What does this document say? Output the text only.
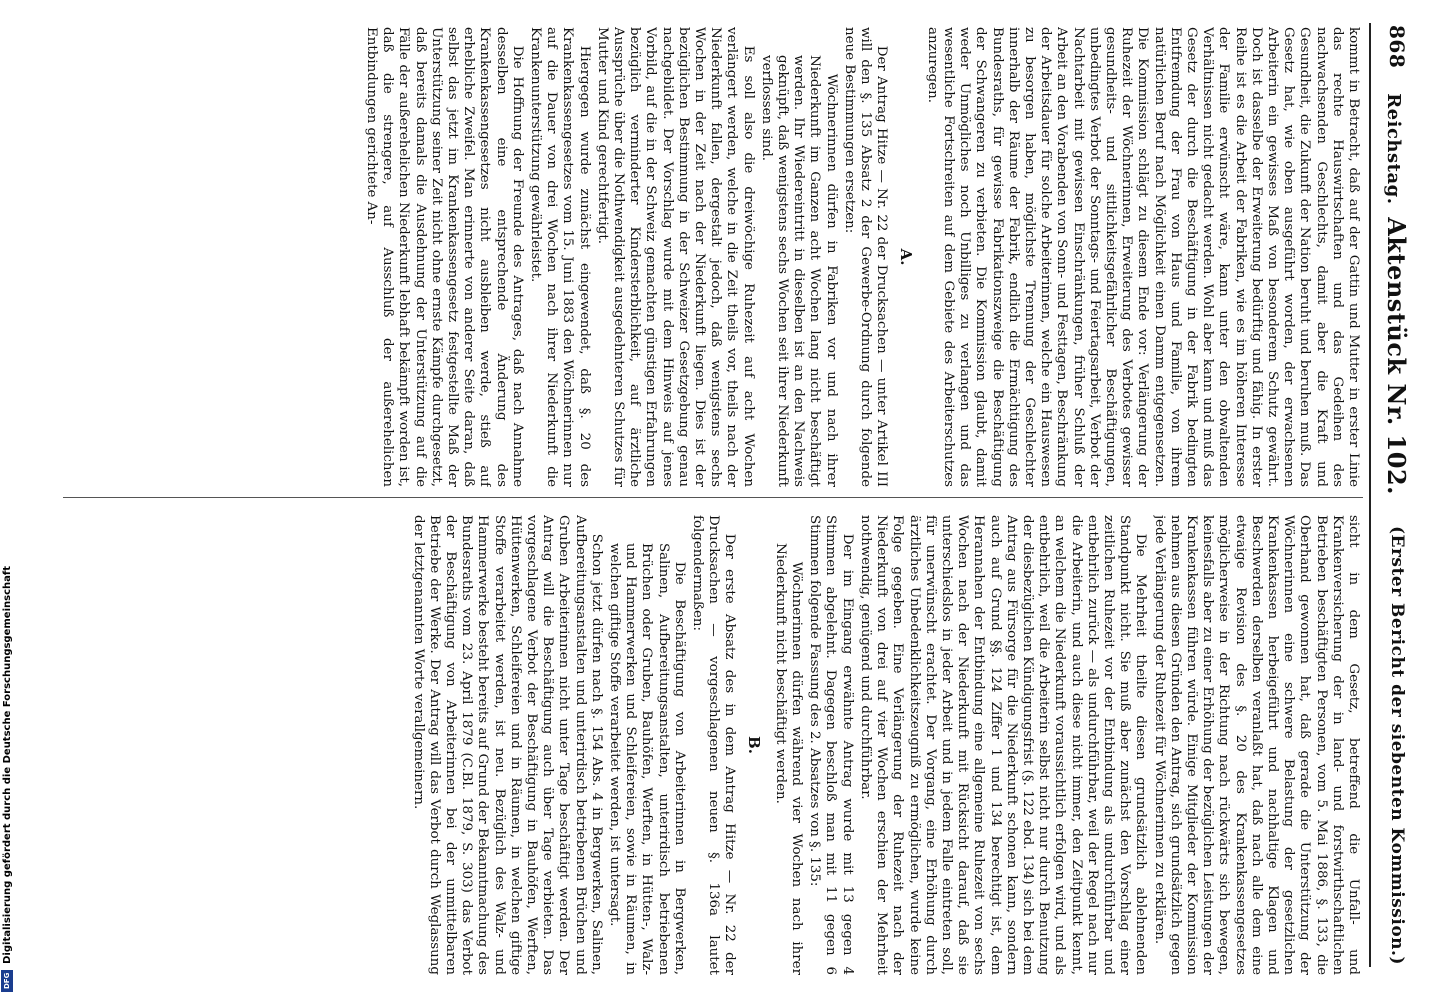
868
Reichstag. Aktenstück Nr. 102.
(Erster Bericht der siebenten Kommission.)

kommt in Betracht, daß auf der Gattin und Mutter in erster Linie das rechte Hauswirtschaften und das Gedeihen des nachwachsenden Geschlechts, damit aber die Kraft und Gesundheit, die Zukunft der Nation beruht und beruhen muß. Das Gesetz hat, wie oben ausgeführt worden, der erwachsenen Arbeiterin ein gewisses Maß von besonderem Schutz gewährt. Doch ist dasselbe der Erweiterung bedürftig und fähig. In erster Reihe ist es die Arbeit der Fabriken, wie es im höheren Interesse der Familie erwünscht wäre, kann unter den obwaltenden Verhältnissen nicht gedacht werden. Wohl aber kann und muß das Gesetz der durch die Beschäftigung in der Fabrik bedingten Entfremdung der Frau von Haus und Familie, von ihrem natürlichen Beruf nach Möglichkeit einen Damm entgegensetzen. Die Kommission schlägt zu diesem Ende vor: Verlängerung der Ruhezeit der Wöchnerinnen, Erweiterung des Verbotes gewisser gesundheits- und sittlichkeitsgefährlicher Beschäftigungen, unbedingtes Verbot der Sonntags- und Feiertagsarbeit, Verbot der Nachtarbeit mit gewissen Einschränkungen, früher Schluß der Arbeit an den Vorabenden von Sonn- und Festtagen, Beschränkung der Arbeitsdauer für solche Arbeiterinnen, welche ein Hauswesen zu besorgen haben, möglichste Trennung der Geschlechter innerhalb der Räume der Fabrik, endlich die Ermächtigung des Bundesraths, für gewisse Fabrikationszweige die Beschäftigung der Schwangeren zu verbieten. Die Kommission glaubt, damit weder Unmögliches noch Unbilliges zu verlangen und das wesentliche Fortschreiten auf dem Gebiete des Arbeiterschutzes anzuregen.

A.

Der Antrag Hitze — Nr. 22 der Drucksachen — unter Artikel III will den §. 135 Absatz 2 der Gewerbe-Ordnung durch folgende neue Bestimmungen ersetzen:

Wöchnerinnen dürfen in Fabriken vor und nach ihrer Niederkunft im Ganzen acht Wochen lang nicht beschäftigt werden. Ihr Wiedereintritt in dieselben ist an den Nachweis geknüpft, daß wenigstens sechs Wochen seit ihrer Niederkunft verflossen sind.

Es soll also die dreiwöchige Ruhezeit auf acht Wochen verlängert werden, welche in die Zeit theils vor, theils nach der Niederkunft fallen, dergestalt jedoch, daß wenigstens sechs Wochen in der Zeit nach der Niederkunft liegen. Dies ist der bezüglichen Bestimmung in der Schweizer Gesetzgebung genau nachgebildet. Der Vorschlag wurde mit dem Hinweis auf jenes Vorbild, auf die in der Schweiz gemachten günstigen Erfahrungen bezüglich verminderter Kindersterblichkeit, auf ärztliche Aussprüche über die Nothwendigkeit ausgedehnteren Schutzes für Mutter und Kind gerechtfertigt.

Hiergegen wurde zunächst eingewendet, daß §. 20 des Krankenkassengesetzes vom 15. Juni 1883 den Wöchnerinnen nur auf die Dauer von drei Wochen nach ihrer Niederkunft die Krankenunterstützung gewährleistet.

Die Hoffnung der Freunde des Antrages, daß nach Annahme desselben eine entsprechende Änderung des Krankenkassengesetzes nicht ausbleiben werde, stieß auf erhebliche Zweifel. Man erinnerte von anderer Seite daran, daß selbst das jetzt im Krankenkassengesetz festgestellte Maß der Unterstützung seiner Zeit nicht ohne ernste Kämpfe durchgesetzt, daß bereits damals die Ausdehnung der Unterstützung auf die Fälle der außerehelichen Niederkunft lebhaft bekämpft worden ist, daß die strengere, auf Ausschluß der außerehelichen Entbindungen gerichtete An-

sicht in dem Gesetz, betreffend die Unfall- und Krankenversicherung der in land- und forstwirthschaftlichen Betrieben beschäftigten Personen, vom 5. Mai 1886, §. 133, die Oberhand gewonnen hat, daß gerade die Unterstützung der Wöchnerinnen eine schwere Belastung der gesetzlichen Krankenkassen herbeigeführt und nachhaltige Klagen und Beschwerden derselben veranlaßt hat, daß nach alle dem eine etwaige Revision des §. 20 des Krankenkassengesetzes möglicherweise in der Richtung nach rückwärts sich bewegen, keinesfalls aber zu einer Erhöhung der bezüglichen Leistungen der Krankenkassen führen würde. Einige Mitglieder der Kommission nehmen aus diesen Gründen den Antrag, sich grundsätzlich gegen jede Verlängerung der Ruhezeit für Wöchnerinnen zu erklären.

Die Mehrheit theilte diesen grundsätzlich ablehnenden Standpunkt nicht. Sie muß aber zunächst den Vorschlag einer zeitlichen Ruhezeit vor der Entbindung als undurchführbar und entbehrlich zurück — als undurchführbar, weil der Regel nach nur die Arbeiterin, und auch diese nicht immer, den Zeitpunkt kennt, an welchem die Niederkunft voraussichtlich erfolgen wird, und als entbehrlich, weil die Arbeiterin selbst nicht nur durch Benutzung der diesbezüglichen Kündigungsfrist (§. 122 ebd. 134) sich bei dem Antrag aus Fürsorge für die Niederkunft schonen kann, sondern auch auf Grund §§. 124 Ziffer 1 und 134 berechtigt ist, dem Herannahen der Entbindung eine allgemeine Ruhezeit von sechs Wochen nach der Niederkunft mit Rücksicht darauf, daß sie unterschiedslos in jeder Arbeit und in jedem Falle eintreten soll, für unerwünscht erachtet. Der Vorgang, eine Erhöhung durch ärztliches Unbedenklichkeitszeugniß zu ermöglichen, wurde keine Folge gegeben. Eine Verlängerung der Ruhezeit nach der Niederkunft von drei auf vier Wochen erschien der Mehrheit nothwendig, genügend und durchführbar.

Der im Eingang erwähnte Antrag wurde mit 13 gegen 4 Stimmen abgelehnt. Dagegen beschloß man mit 11 gegen 6 Stimmen folgende Fassung des 2. Absatzes von §. 135:

Wöchnerinnen dürfen während vier Wochen nach ihrer Niederkunft nicht beschäftigt werden.

B.

Der erste Absatz des in dem Antrag Hitze — Nr. 22 der Drucksachen — vorgeschlagenen neuen §. 136a lautet folgendermaßen:

Die Beschäftigung von Arbeiterinnen in Bergwerken, Salinen, Aufbereitungsanstalten, unterirdisch betriebenen Brüchen oder Gruben, Bauhöfen, Werften, in Hütten-, Walz- und Hammerwerken und Schleifereien, sowie in Räumen, in welchen giftige Stoffe verarbeitet werden, ist untersagt.

Schon jetzt dürfen nach §. 154 Abs. 4 in Bergwerken, Salinen, Aufbereitungsanstalten und unterirdisch betriebenen Brüchen und Gruben Arbeiterinnen nicht unter Tage beschäftigt werden. Der Antrag will die Beschäftigung auch über Tage verbieten. Das vorgeschlagene Verbot der Beschäftigung in Bauhöfen, Werften, Hüttenwerken, Schleifereien und in Räumen, in welchen giftige Stoffe verarbeitet werden, ist neu. Bezüglich des Walz- und Hammerwerke besteht bereits auf Grund der Bekanntmachung des Bundesraths vom 23. April 1879 (C.Bl. 1879, S. 303) das Verbot der Beschäftigung von Arbeiterinnen bei der unmittelbaren Betriebe der Werke. Der Antrag will das Verbot durch Weglassung der letztgenannten Worte verallgemeinern.

Digitalisierung gefördert durch die Deutsche Forschungsgemeinschaft
DFG
